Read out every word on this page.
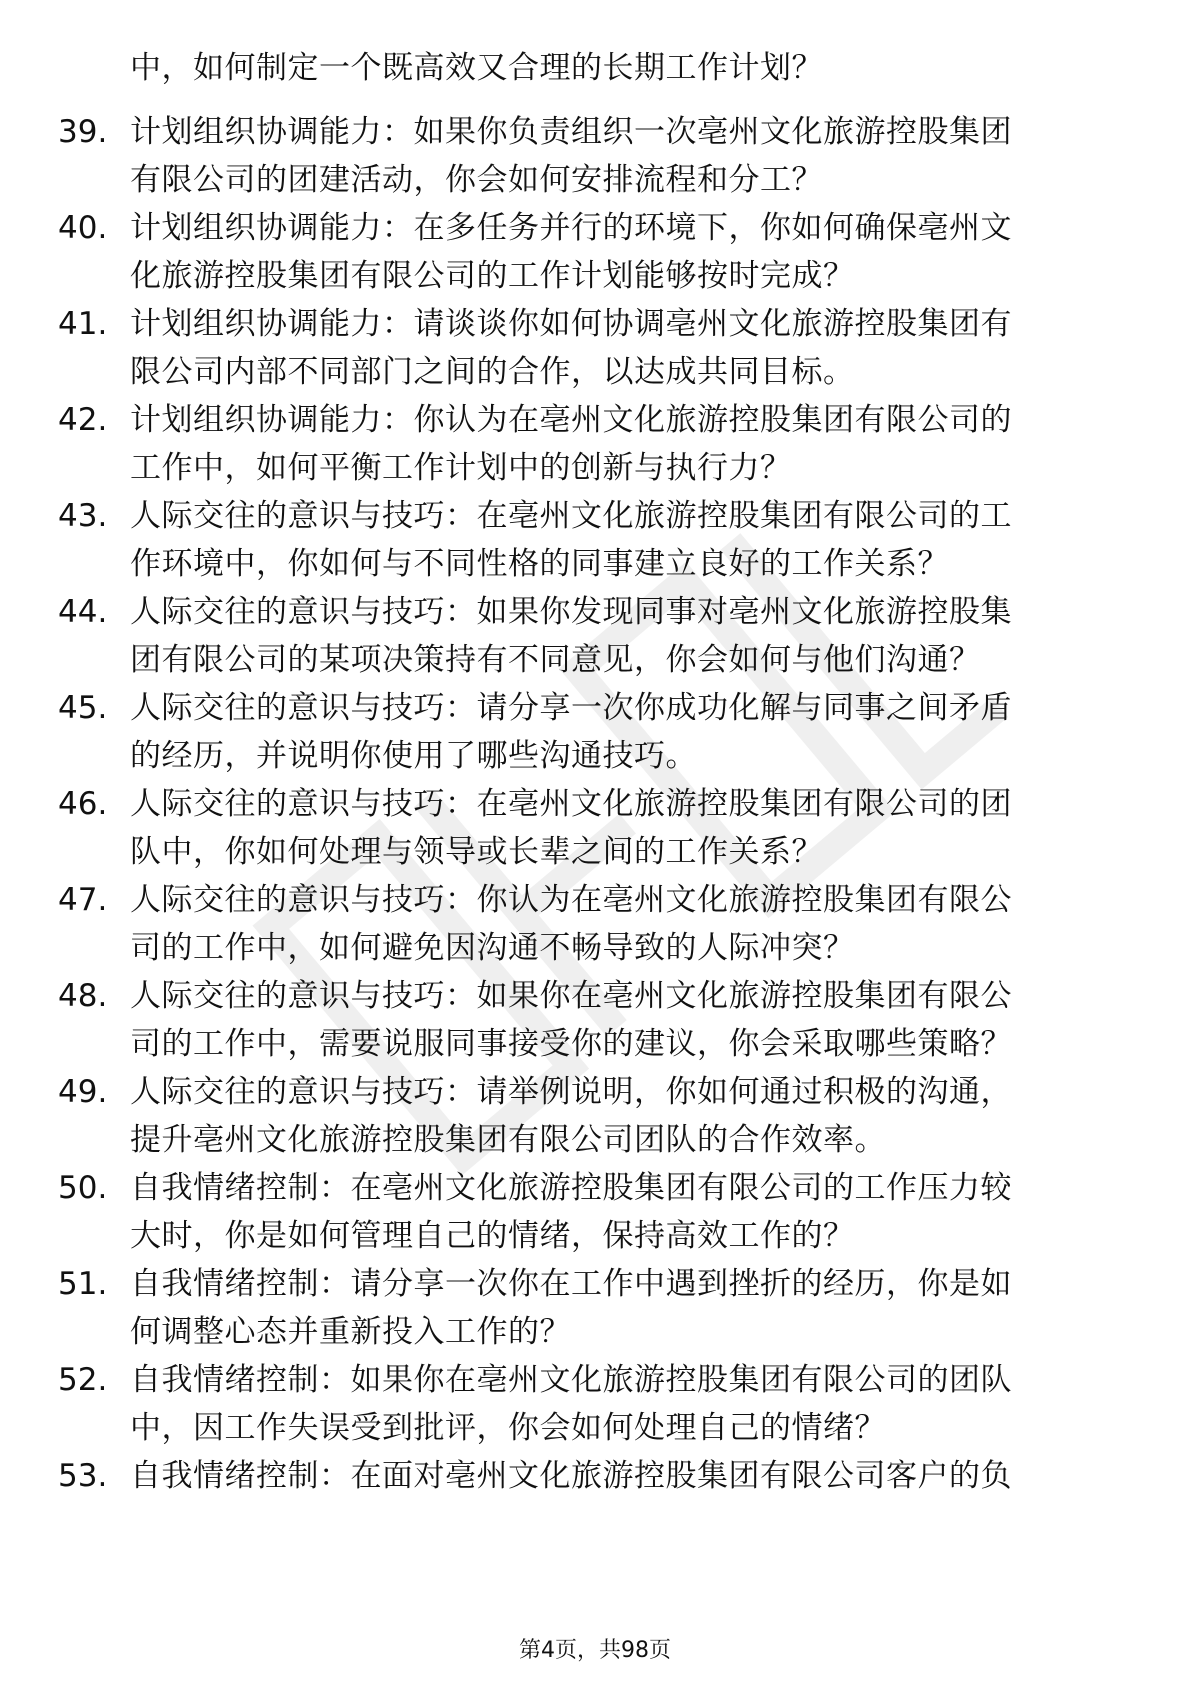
中，如何制定一个既高效又合理的长期工作计划？
39. 计划组织协调能力：如果你负责组织一次亳州文化旅游控股集团
有限公司的团建活动，你会如何安排流程和分工？
40. 计划组织协调能力：在多任务并行的环境下，你如何确保亳州文
化旅游控股集团有限公司的工作计划能够按时完成？
41. 计划组织协调能力：请谈谈你如何协调亳州文化旅游控股集团有
限公司内部不同部门之间的合作，以达成共同目标。
42. 计划组织协调能力：你认为在亳州文化旅游控股集团有限公司的
工作中，如何平衡工作计划中的创新与执行力？
43. 人际交往的意识与技巧：在亳州文化旅游控股集团有限公司的工
作环境中，你如何与不同性格的同事建立良好的工作关系？
44. 人际交往的意识与技巧：如果你发现同事对亳州文化旅游控股集
团有限公司的某项决策持有不同意见，你会如何与他们沟通？
45. 人际交往的意识与技巧：请分享一次你成功化解与同事之间矛盾
的经历，并说明你使用了哪些沟通技巧。
46. 人际交往的意识与技巧：在亳州文化旅游控股集团有限公司的团
队中，你如何处理与领导或长辈之间的工作关系？
47. 人际交往的意识与技巧：你认为在亳州文化旅游控股集团有限公
司的工作中，如何避免因沟通不畅导致的人际冲突？
48. 人际交往的意识与技巧：如果你在亳州文化旅游控股集团有限公
司的工作中，需要说服同事接受你的建议，你会采取哪些策略？
49. 人际交往的意识与技巧：请举例说明，你如何通过积极的沟通，
提升亳州文化旅游控股集团有限公司团队的合作效率。
50. 自我情绪控制：在亳州文化旅游控股集团有限公司的工作压力较
大时，你是如何管理自己的情绪，保持高效工作的？
51. 自我情绪控制：请分享一次你在工作中遇到挫折的经历，你是如
何调整心态并重新投入工作的？
52. 自我情绪控制：如果你在亳州文化旅游控股集团有限公司的团队
中，因工作失误受到批评，你会如何处理自己的情绪？
53. 自我情绪控制：在面对亳州文化旅游控股集团有限公司客户的负
第4页，共98页
